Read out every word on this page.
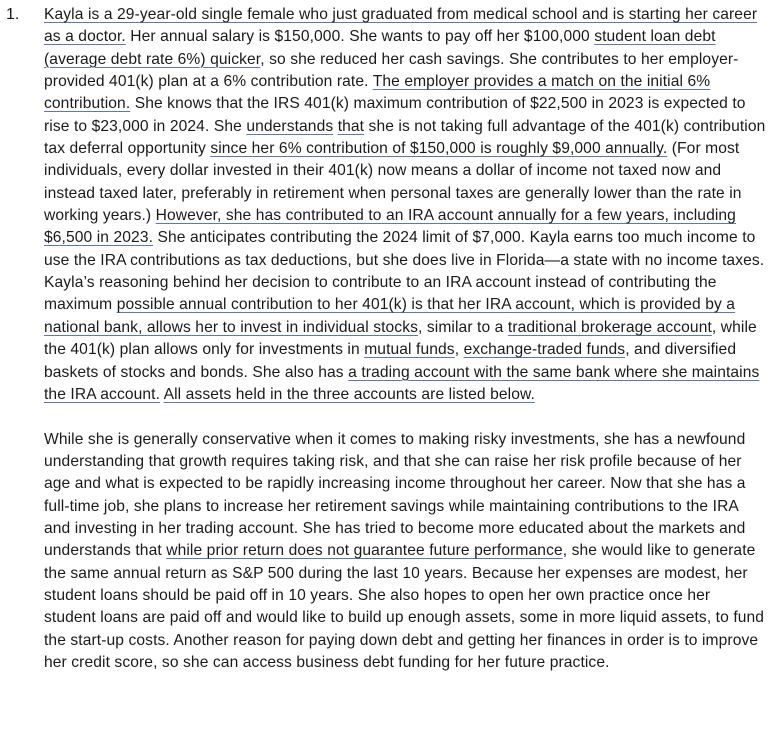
1. Kayla is a 29-year-old single female who just graduated from medical school and is starting her career as a doctor. Her annual salary is $150,000. She wants to pay off her $100,000 student loan debt (average debt rate 6%) quicker, so she reduced her cash savings. She contributes to her employer-provided 401(k) plan at a 6% contribution rate. The employer provides a match on the initial 6% contribution. She knows that the IRS 401(k) maximum contribution of $22,500 in 2023 is expected to rise to $23,000 in 2024. She understands that she is not taking full advantage of the 401(k) contribution tax deferral opportunity since her 6% contribution of $150,000 is roughly $9,000 annually. (For most individuals, every dollar invested in their 401(k) now means a dollar of income not taxed now and instead taxed later, preferably in retirement when personal taxes are generally lower than the rate in working years.) However, she has contributed to an IRA account annually for a few years, including $6,500 in 2023. She anticipates contributing the 2024 limit of $7,000. Kayla earns too much income to use the IRA contributions as tax deductions, but she does live in Florida—a state with no income taxes. Kayla’s reasoning behind her decision to contribute to an IRA account instead of contributing the maximum possible annual contribution to her 401(k) is that her IRA account, which is provided by a national bank, allows her to invest in individual stocks, similar to a traditional brokerage account, while the 401(k) plan allows only for investments in mutual funds, exchange-traded funds, and diversified baskets of stocks and bonds. She also has a trading account with the same bank where she maintains the IRA account. All assets held in the three accounts are listed below.

While she is generally conservative when it comes to making risky investments, she has a newfound understanding that growth requires taking risk, and that she can raise her risk profile because of her age and what is expected to be rapidly increasing income throughout her career. Now that she has a full-time job, she plans to increase her retirement savings while maintaining contributions to the IRA and investing in her trading account. She has tried to become more educated about the markets and understands that while prior return does not guarantee future performance, she would like to generate the same annual return as S&P 500 during the last 10 years. Because her expenses are modest, her student loans should be paid off in 10 years. She also hopes to open her own practice once her student loans are paid off and would like to build up enough assets, some in more liquid assets, to fund the start-up costs. Another reason for paying down debt and getting her finances in order is to improve her credit score, so she can access business debt funding for her future practice.
